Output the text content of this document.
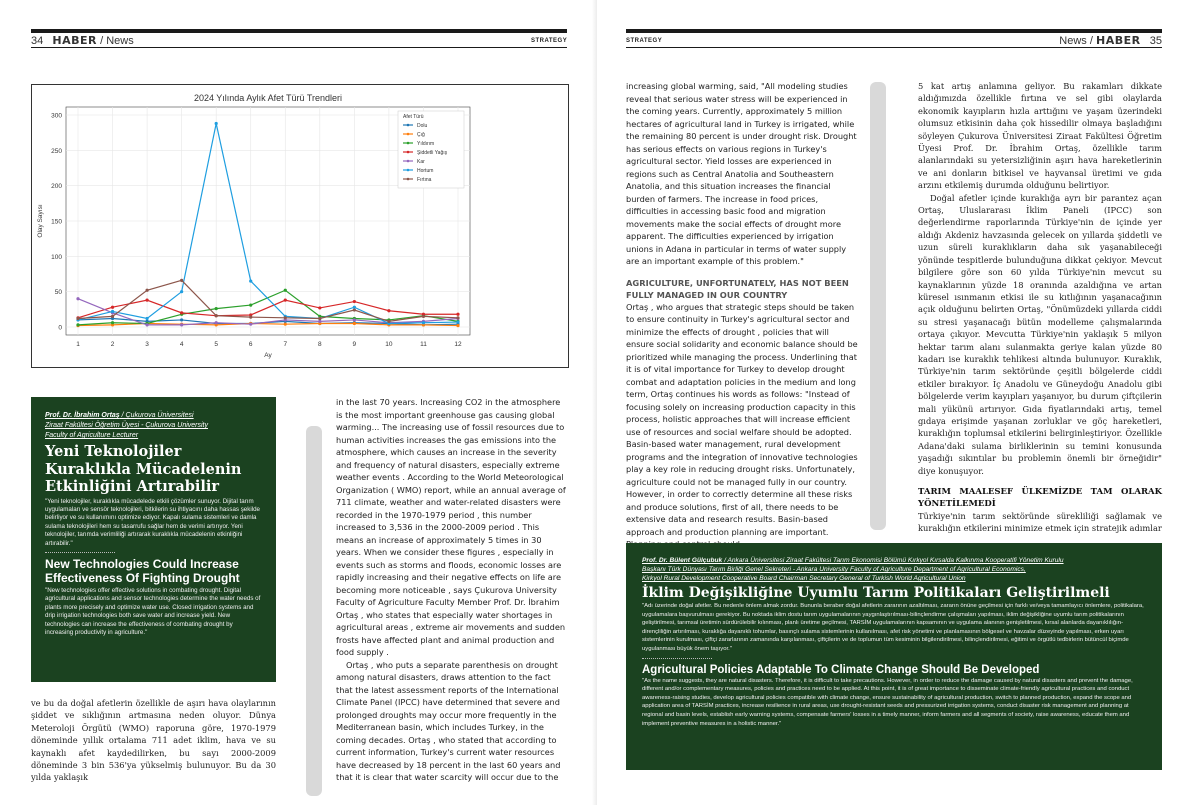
34 HABER / News	STRATEGY
2024 Yılında Aylık Afet Türü Trendleri
0
50
100
150
200
250
300
1	2	3	4	5	6	7	8	9	10	11	12
Ay
Olay Sayısı
Afet Türü
Dolu
Çığ
Yıldırım
Şiddetli Yağış
Kar
Hortum
Fırtına
Prof. Dr. İbrahim Ortaş / Çukurova Üniversitesi
Ziraat Fakültesi Öğretim Üyesi - Çukurova University
Faculty of Agriculture Lecturer
Yeni Teknolojiler Kuraklıkla Mücadelenin Etkinliğini Artırabilir
"Yeni teknolojiler, kuraklıkla mücadelede etkili çözümler sunuyor. Dijital tarım uygulamaları ve sensör teknolojileri, bitkilerin su ihtiyacını daha hassas şekilde belirliyor ve su kullanımını optimize ediyor. Kapalı sulama sistemleri ve damla sulama teknolojileri hem su tasarrufu sağlar hem de verimi artırıyor. Yeni teknolojiler, tarımda verimliliği artırarak kuraklıkla mücadelenin etkinliğini artırabilir."
New Technologies Could Increase Effectiveness Of Fighting Drought
"New technologies offer effective solutions in combating drought. Digital agricultural applications and sensor technologies determine the water needs of plants more precisely and optimize water use. Closed irrigation systems and drip irrigation technologies both save water and increase yield. New technologies can increase the effectiveness of combating drought by increasing productivity in agriculture."

ve bu da doğal afetlerin özellikle de aşırı hava olaylarının şiddet ve sıklığının artmasına neden oluyor. Dünya Meteroloji Örgütü (WMO) raporuna göre, 1970-1979 döneminde yıllık ortalama 711 adet iklim, hava ve su kaynaklı afet kaydedilirken, bu sayı 2000-2009 döneminde 3 bin 536'ya yükselmiş bulunuyor. Bu da 30 yılda yaklaşık

in the last 70 years. Increasing CO2 in the atmosphere is the most important greenhouse gas causing global warming... The increasing use of fossil resources due to human activities increases the gas emissions into the atmosphere, which causes an increase in the severity and frequency of natural disasters, especially extreme weather events . According to the World Meteorological Organization ( WMO) report, while an annual average of 711 climate, weather and water-related disasters were recorded in the 1970-1979 period , this number increased to 3,536 in the 2000-2009 period . This means an increase of approximately 5 times in 30 years. When we consider these figures , especially in events such as storms and floods, economic losses are rapidly increasing and their negative effects on life are becoming more noticeable , says Çukurova University Faculty of Agriculture Faculty Member Prof. Dr. İbrahim Ortaş , who states that especially water shortages in agricultural areas , extreme air movements and sudden frosts have affected plant and animal production and food supply .

Ortaş , who puts a separate parenthesis on drought among natural disasters, draws attention to the fact that the latest assessment reports of the International Climate Panel (IPCC) have determined that severe and prolonged droughts may occur more frequently in the Mediterranean basin, which includes Turkey, in the coming decades. Ortaş , who stated that according to current information, Turkey's current water resources have decreased by 18 percent in the last 60 years and that it is clear that water scarcity will occur due to the

STRATEGY	News / HABER 35

increasing global warming, said, "All modeling studies reveal that serious water stress will be experienced in the coming years. Currently, approximately 5 million hectares of agricultural land in Turkey is irrigated, while the remaining 80 percent is under drought risk. Drought has serious effects on various regions in Turkey's agricultural sector. Yield losses are experienced in regions such as Central Anatolia and Southeastern Anatolia, and this situation increases the financial burden of farmers. The increase in food prices, difficulties in accessing basic food and migration movements make the social effects of drought more apparent. The difficulties experienced by irrigation unions in Adana in particular in terms of water supply are an important example of this problem."

AGRICULTURE, UNFORTUNATELY, HAS NOT BEEN FULLY MANAGED IN OUR COUNTRY

Ortaş , who argues that strategic steps should be taken to ensure continuity in Turkey's agricultural sector and minimize the effects of drought , policies that will ensure social solidarity and economic balance should be prioritized while managing the process. Underlining that it is of vital importance for Turkey to develop drought combat and adaptation policies in the medium and long term, Ortaş continues his words as follows: "Instead of focusing solely on increasing production capacity in this process, holistic approaches that will increase efficient use of resources and social welfare should be adopted. Basin-based water management, rural development programs and the integration of innovative technologies play a key role in reducing drought risks. Unfortunately, agriculture could not be managed fully in our country. However, in order to correctly determine all these risks and produce solutions, first of all, there needs to be extensive data and research results. Basin-based approach and production planning are important.

5 kat artış anlamına geliyor. Bu rakamları dikkate aldığımızda özellikle fırtına ve sel gibi olaylarda ekonomik kayıpların hızla arttığını ve yaşam üzerindeki olumsuz etkisinin daha çok hissedilir olmaya başladığını söyleyen Çukurova Üniversitesi Ziraat Fakültesi Öğretim Üyesi Prof. Dr. İbrahim Ortaş, özellikle tarım alanlarındaki su yetersizliğinin aşırı hava hareketlerinin ve ani donların bitkisel ve hayvansal üretimi ve gıda arzını etkilemiş durumda olduğunu belirtiyor.

Doğal afetler içinde kuraklığa ayrı bir parantez açan Ortaş, Uluslararası İklim Paneli (IPCC) son değerlendirme raporlarında Türkiye'nin de içinde yer aldığı Akdeniz havzasında gelecek on yıllarda şiddetli ve uzun süreli kuraklıkların daha sık yaşanabileceği yönünde tespitlerde bulunduğuna dikkat çekiyor. Mevcut bilgilere göre son 60 yılda Türkiye'nin mevcut su kaynaklarının yüzde 18 oranında azaldığına ve artan küresel ısınmanın etkisi ile su kıtlığının yaşanacağının açık olduğunu belirten Ortaş, "Önümüzdeki yıllarda ciddi su stresi yaşanacağı bütün modelleme çalışmalarında ortaya çıkıyor. Mevcutta Türkiye'nin yaklaşık 5 milyon hektar tarım alanı sulanmakta geriye kalan yüzde 80 kadarı ise kuraklık tehlikesi altında bulunuyor. Kuraklık, Türkiye'nin tarım sektöründe çeşitli bölgelerde ciddi etkiler bırakıyor. İç Anadolu ve Güneydoğu Anadolu gibi bölgelerde verim kayıpları yaşanıyor, bu durum çiftçilerin mali yükünü artırıyor. Gıda fiyatlarındaki artış, temel gıdaya erişimde yaşanan zorluklar ve göç hareketleri, kuraklığın toplumsal etkilerini belirginleştiriyor. Özellikle Adana'daki sulama birliklerinin su temini konusunda yaşadığı sıkıntılar bu problemin önemli bir örneğidir" diye konuşuyor.

TARIM MAALESEF ÜLKEMİZDE TAM OLARAK YÖNETİLEMEDİ

Türkiye'nin tarım sektöründe sürekliliği sağlamak ve kuraklığın etkilerini minimize etmek için stratejik adımlar

Prof. Dr. Bülent Gülçubuk / Ankara Üniversitesi Ziraat Fakültesi Tarım Ekonomisi Bölümü Kırkyol Kırsalda Kalkınma Kooperatifi Yönetim Kurulu
Başkanı Türk Dünyası Tarım Birliği Genel Sekreteri - Ankara University Faculty of Agriculture Department of Agricultural Economics,
Kirkyol Rural Development Cooperative Board Chairman Secretary General of Turkish World Agricultural Union
İklim Değişikliğine Uyumlu Tarım Politikaları Geliştirilmeli
"Adı üzerinde doğal afetler. Bu nedenle önlem almak zordur. Bununla beraber doğal afetlerin zararının azaltılması, zararın önüne geçilmesi için farklı ve/veya tamamlayıcı önlemlere, politikalara, uygulamalara başvurulması gerekiyor. Bu noktada iklim dostu tarım uygulamalarının yaygınlaştırılması-bilinçlendirme çalışmaları yapılması, iklim değişikliğine uyumlu tarım politikalarının geliştirilmesi, tarımsal üretimin sürdürülebilir kılınması, planlı üretime geçilmesi, TARSİM uygulamalarının kapsamının ve uygulama alanının genişletilmesi, kırsal alanlarda dayanıklılığın-dirençliliğin artırılması, kuraklığa dayanıklı tohumlar, basınçlı sulama sistemlerinin kullanılması, afet risk yönetimi ve planlamasının bölgesel ve havzalar düzeyinde yapılması, erken uyarı sistemlerinin kurulması, çiftçi zararlarının zamanında karşılanması, çiftçilerin ve de toplumun tüm kesiminin bilgilendirilmesi, bilinçlendirilmesi, eğitimi ve örgütlü tedbirlerin bütüncül biçimde uygulanması büyük önem taşıyor."
Agricultural Policies Adaptable To Climate Change Should Be Developed
"As the name suggests, they are natural disasters. Therefore, it is difficult to take precautions. However, in order to reduce the damage caused by natural disasters and prevent the damage, different and/or complementary measures, policies and practices need to be applied. At this point, it is of great importance to disseminate climate-friendly agricultural practices and conduct awareness-raising studies, develop agricultural policies compatible with climate change, ensure sustainability of agricultural production, switch to planned production, expand the scope and application area of TARSİM practices, increase resilience in rural areas, use drought-resistant seeds and pressurized irrigation systems, conduct disaster risk management and planning at regional and basin levels, establish early warning systems, compensate farmers' losses in a timely manner, inform farmers and all segments of society, raise awareness, educate them and implement preventive measures in a holistic manner."
